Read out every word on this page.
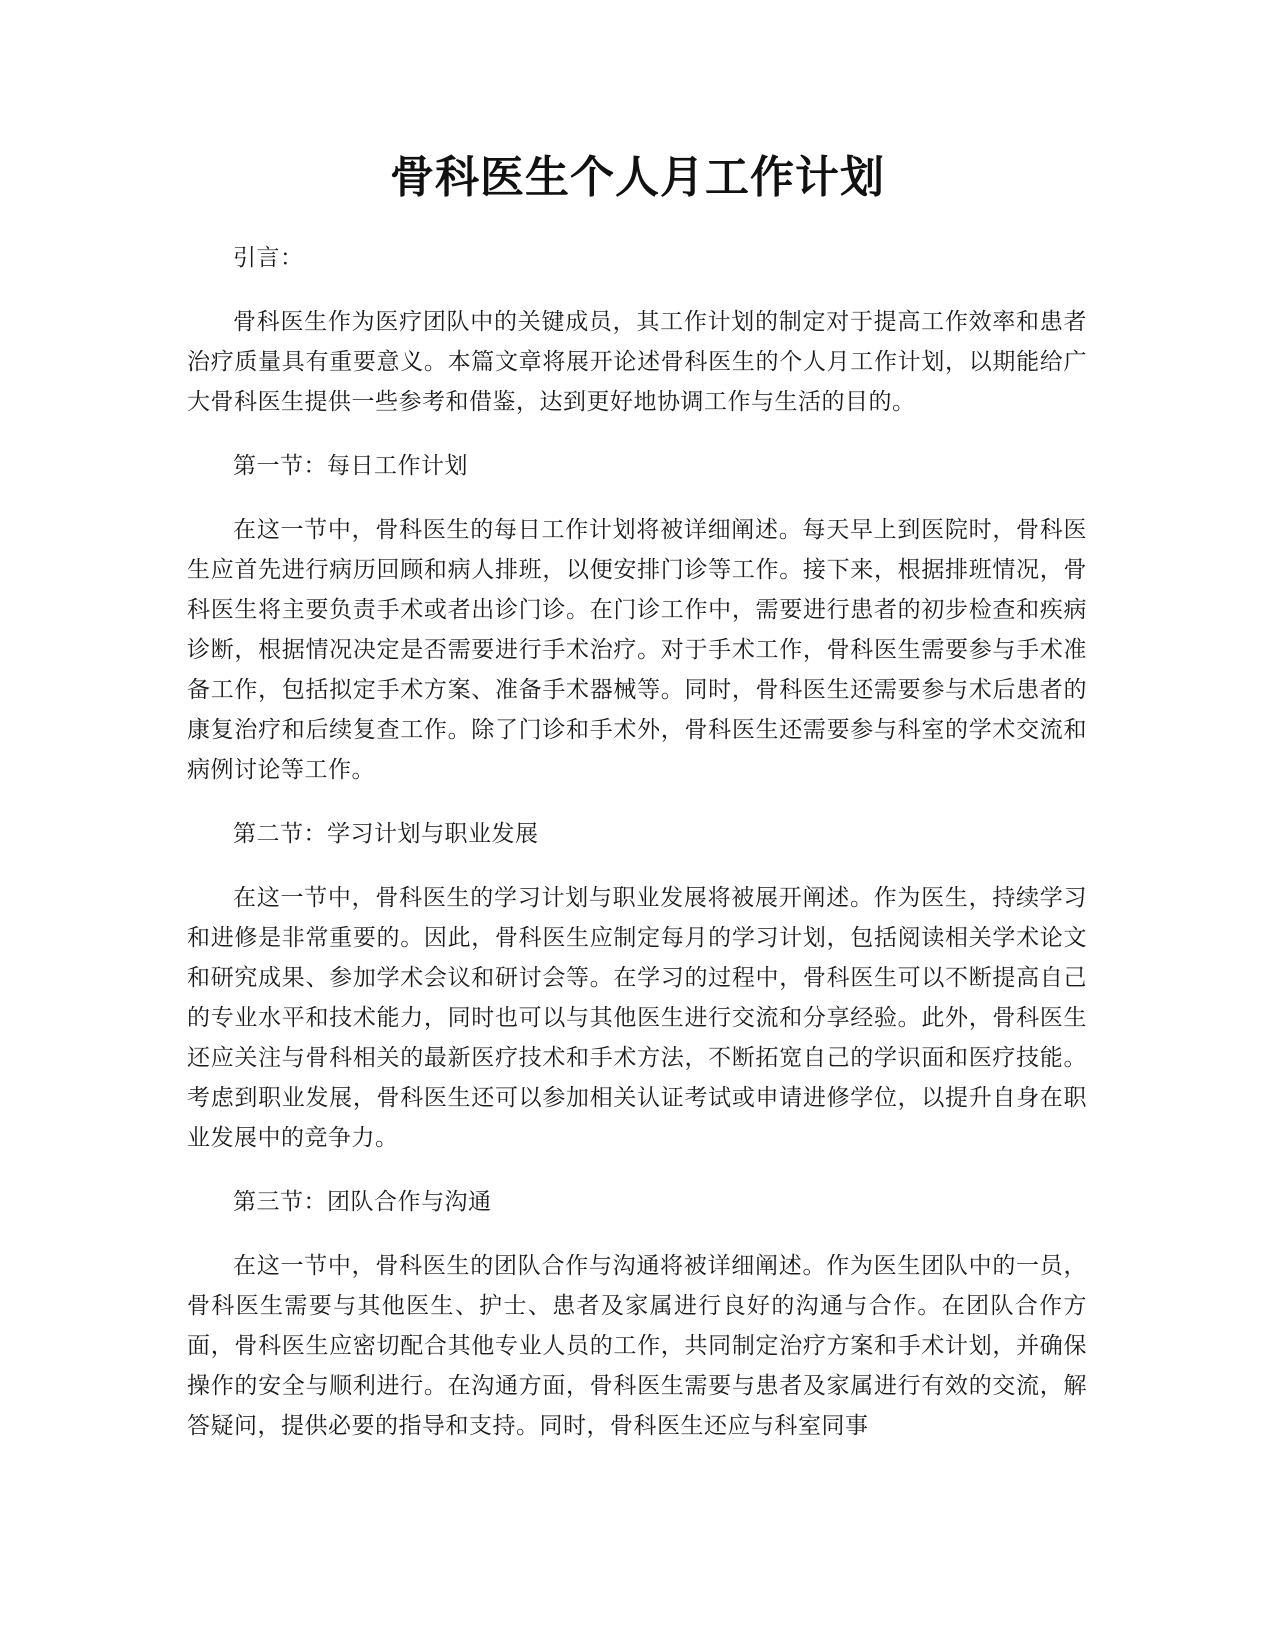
骨科医生个人月工作计划

引言：

骨科医生作为医疗团队中的关键成员，其工作计划的制定对于提高工作效率和患者治疗质量具有重要意义。本篇文章将展开论述骨科医生的个人月工作计划，以期能给广大骨科医生提供一些参考和借鉴，达到更好地协调工作与生活的目的。

第一节：每日工作计划

在这一节中，骨科医生的每日工作计划将被详细阐述。每天早上到医院时，骨科医生应首先进行病历回顾和病人排班，以便安排门诊等工作。接下来，根据排班情况，骨科医生将主要负责手术或者出诊门诊。在门诊工作中，需要进行患者的初步检查和疾病诊断，根据情况决定是否需要进行手术治疗。对于手术工作，骨科医生需要参与手术准备工作，包括拟定手术方案、准备手术器械等。同时，骨科医生还需要参与术后患者的康复治疗和后续复查工作。除了门诊和手术外，骨科医生还需要参与科室的学术交流和病例讨论等工作。

第二节：学习计划与职业发展

在这一节中，骨科医生的学习计划与职业发展将被展开阐述。作为医生，持续学习和进修是非常重要的。因此，骨科医生应制定每月的学习计划，包括阅读相关学术论文和研究成果、参加学术会议和研讨会等。在学习的过程中，骨科医生可以不断提高自己的专业水平和技术能力，同时也可以与其他医生进行交流和分享经验。此外，骨科医生还应关注与骨科相关的最新医疗技术和手术方法，不断拓宽自己的学识面和医疗技能。考虑到职业发展，骨科医生还可以参加相关认证考试或申请进修学位，以提升自身在职业发展中的竞争力。

第三节：团队合作与沟通

在这一节中，骨科医生的团队合作与沟通将被详细阐述。作为医生团队中的一员，骨科医生需要与其他医生、护士、患者及家属进行良好的沟通与合作。在团队合作方面，骨科医生应密切配合其他专业人员的工作，共同制定治疗方案和手术计划，并确保操作的安全与顺利进行。在沟通方面，骨科医生需要与患者及家属进行有效的交流，解答疑问，提供必要的指导和支持。同时，骨科医生还应与科室同事
